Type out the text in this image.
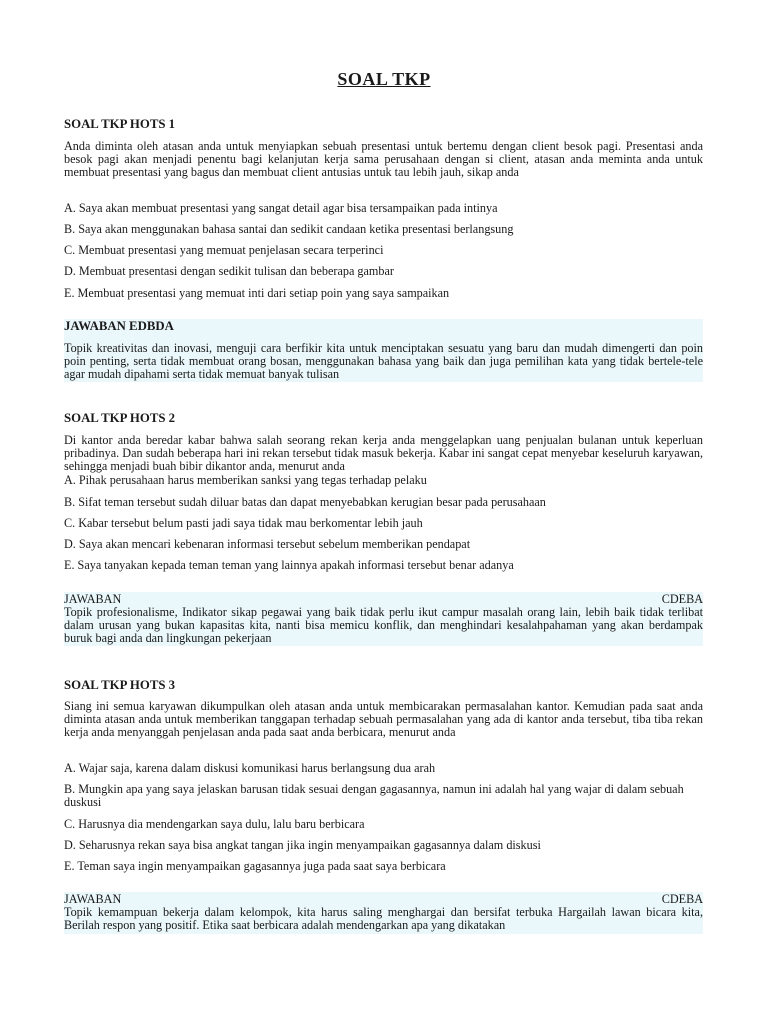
SOAL TKP
SOAL TKP HOTS 1
Anda diminta oleh atasan anda untuk menyiapkan sebuah presentasi untuk bertemu dengan client besok pagi. Presentasi anda besok pagi akan menjadi penentu bagi kelanjutan kerja sama perusahaan dengan si client, atasan anda meminta anda untuk membuat presentasi yang bagus dan membuat client antusias untuk tau lebih jauh, sikap anda
A. Saya akan membuat presentasi yang sangat detail agar bisa tersampaikan pada intinya
B. Saya akan menggunakan bahasa santai dan sedikit candaan ketika presentasi berlangsung
C. Membuat presentasi yang memuat penjelasan secara terperinci
D. Membuat presentasi dengan sedikit tulisan dan beberapa gambar
E. Membuat presentasi yang memuat inti dari setiap poin yang saya sampaikan
JAWABAN EDBDA
Topik kreativitas dan inovasi, menguji cara berfikir kita untuk menciptakan sesuatu yang baru dan mudah dimengerti dan poin poin penting, serta tidak membuat orang bosan, menggunakan bahasa yang baik dan juga pemilihan kata yang tidak bertele-tele agar mudah dipahami serta tidak memuat banyak tulisan
SOAL TKP HOTS 2
Di kantor anda beredar kabar bahwa salah seorang rekan kerja anda menggelapkan uang penjualan bulanan untuk keperluan pribadinya. Dan sudah beberapa hari ini rekan tersebut tidak masuk bekerja. Kabar ini sangat cepat menyebar keseluruh karyawan, sehingga menjadi buah bibir dikantor anda, menurut anda
A. Pihak perusahaan harus memberikan sanksi yang tegas terhadap pelaku
B. Sifat teman tersebut sudah diluar batas dan dapat menyebabkan kerugian besar pada perusahaan
C. Kabar tersebut belum pasti jadi saya tidak mau berkomentar lebih jauh
D. Saya akan mencari kebenaran informasi tersebut sebelum memberikan pendapat
E. Saya tanyakan kepada teman teman yang lainnya apakah informasi tersebut benar adanya
JAWABAN	CDEBA
Topik profesionalisme, Indikator sikap pegawai yang baik tidak perlu ikut campur masalah orang lain, lebih baik tidak terlibat dalam urusan yang bukan kapasitas kita, nanti bisa memicu konflik, dan menghindari kesalahpahaman yang akan berdampak buruk bagi anda dan lingkungan pekerjaan
SOAL TKP HOTS 3
Siang ini semua karyawan dikumpulkan oleh atasan anda untuk membicarakan permasalahan kantor. Kemudian pada saat anda diminta atasan anda untuk memberikan tanggapan terhadap sebuah permasalahan yang ada di kantor anda tersebut, tiba tiba rekan kerja anda menyanggah penjelasan anda pada saat anda berbicara, menurut anda
A. Wajar saja, karena dalam diskusi komunikasi harus berlangsung dua arah
B. Mungkin apa yang saya jelaskan barusan tidak sesuai dengan gagasannya, namun ini adalah hal yang wajar di dalam sebuah duskusi
C. Harusnya dia mendengarkan saya dulu, lalu baru berbicara
D. Seharusnya rekan saya bisa angkat tangan jika ingin menyampaikan gagasannya dalam diskusi
E. Teman saya ingin menyampaikan gagasannya juga pada saat saya berbicara
JAWABAN	CDEBA
Topik kemampuan bekerja dalam kelompok, kita harus saling menghargai dan bersifat terbuka Hargailah lawan bicara kita, Berilah respon yang positif. Etika saat berbicara adalah mendengarkan apa yang dikatakan
